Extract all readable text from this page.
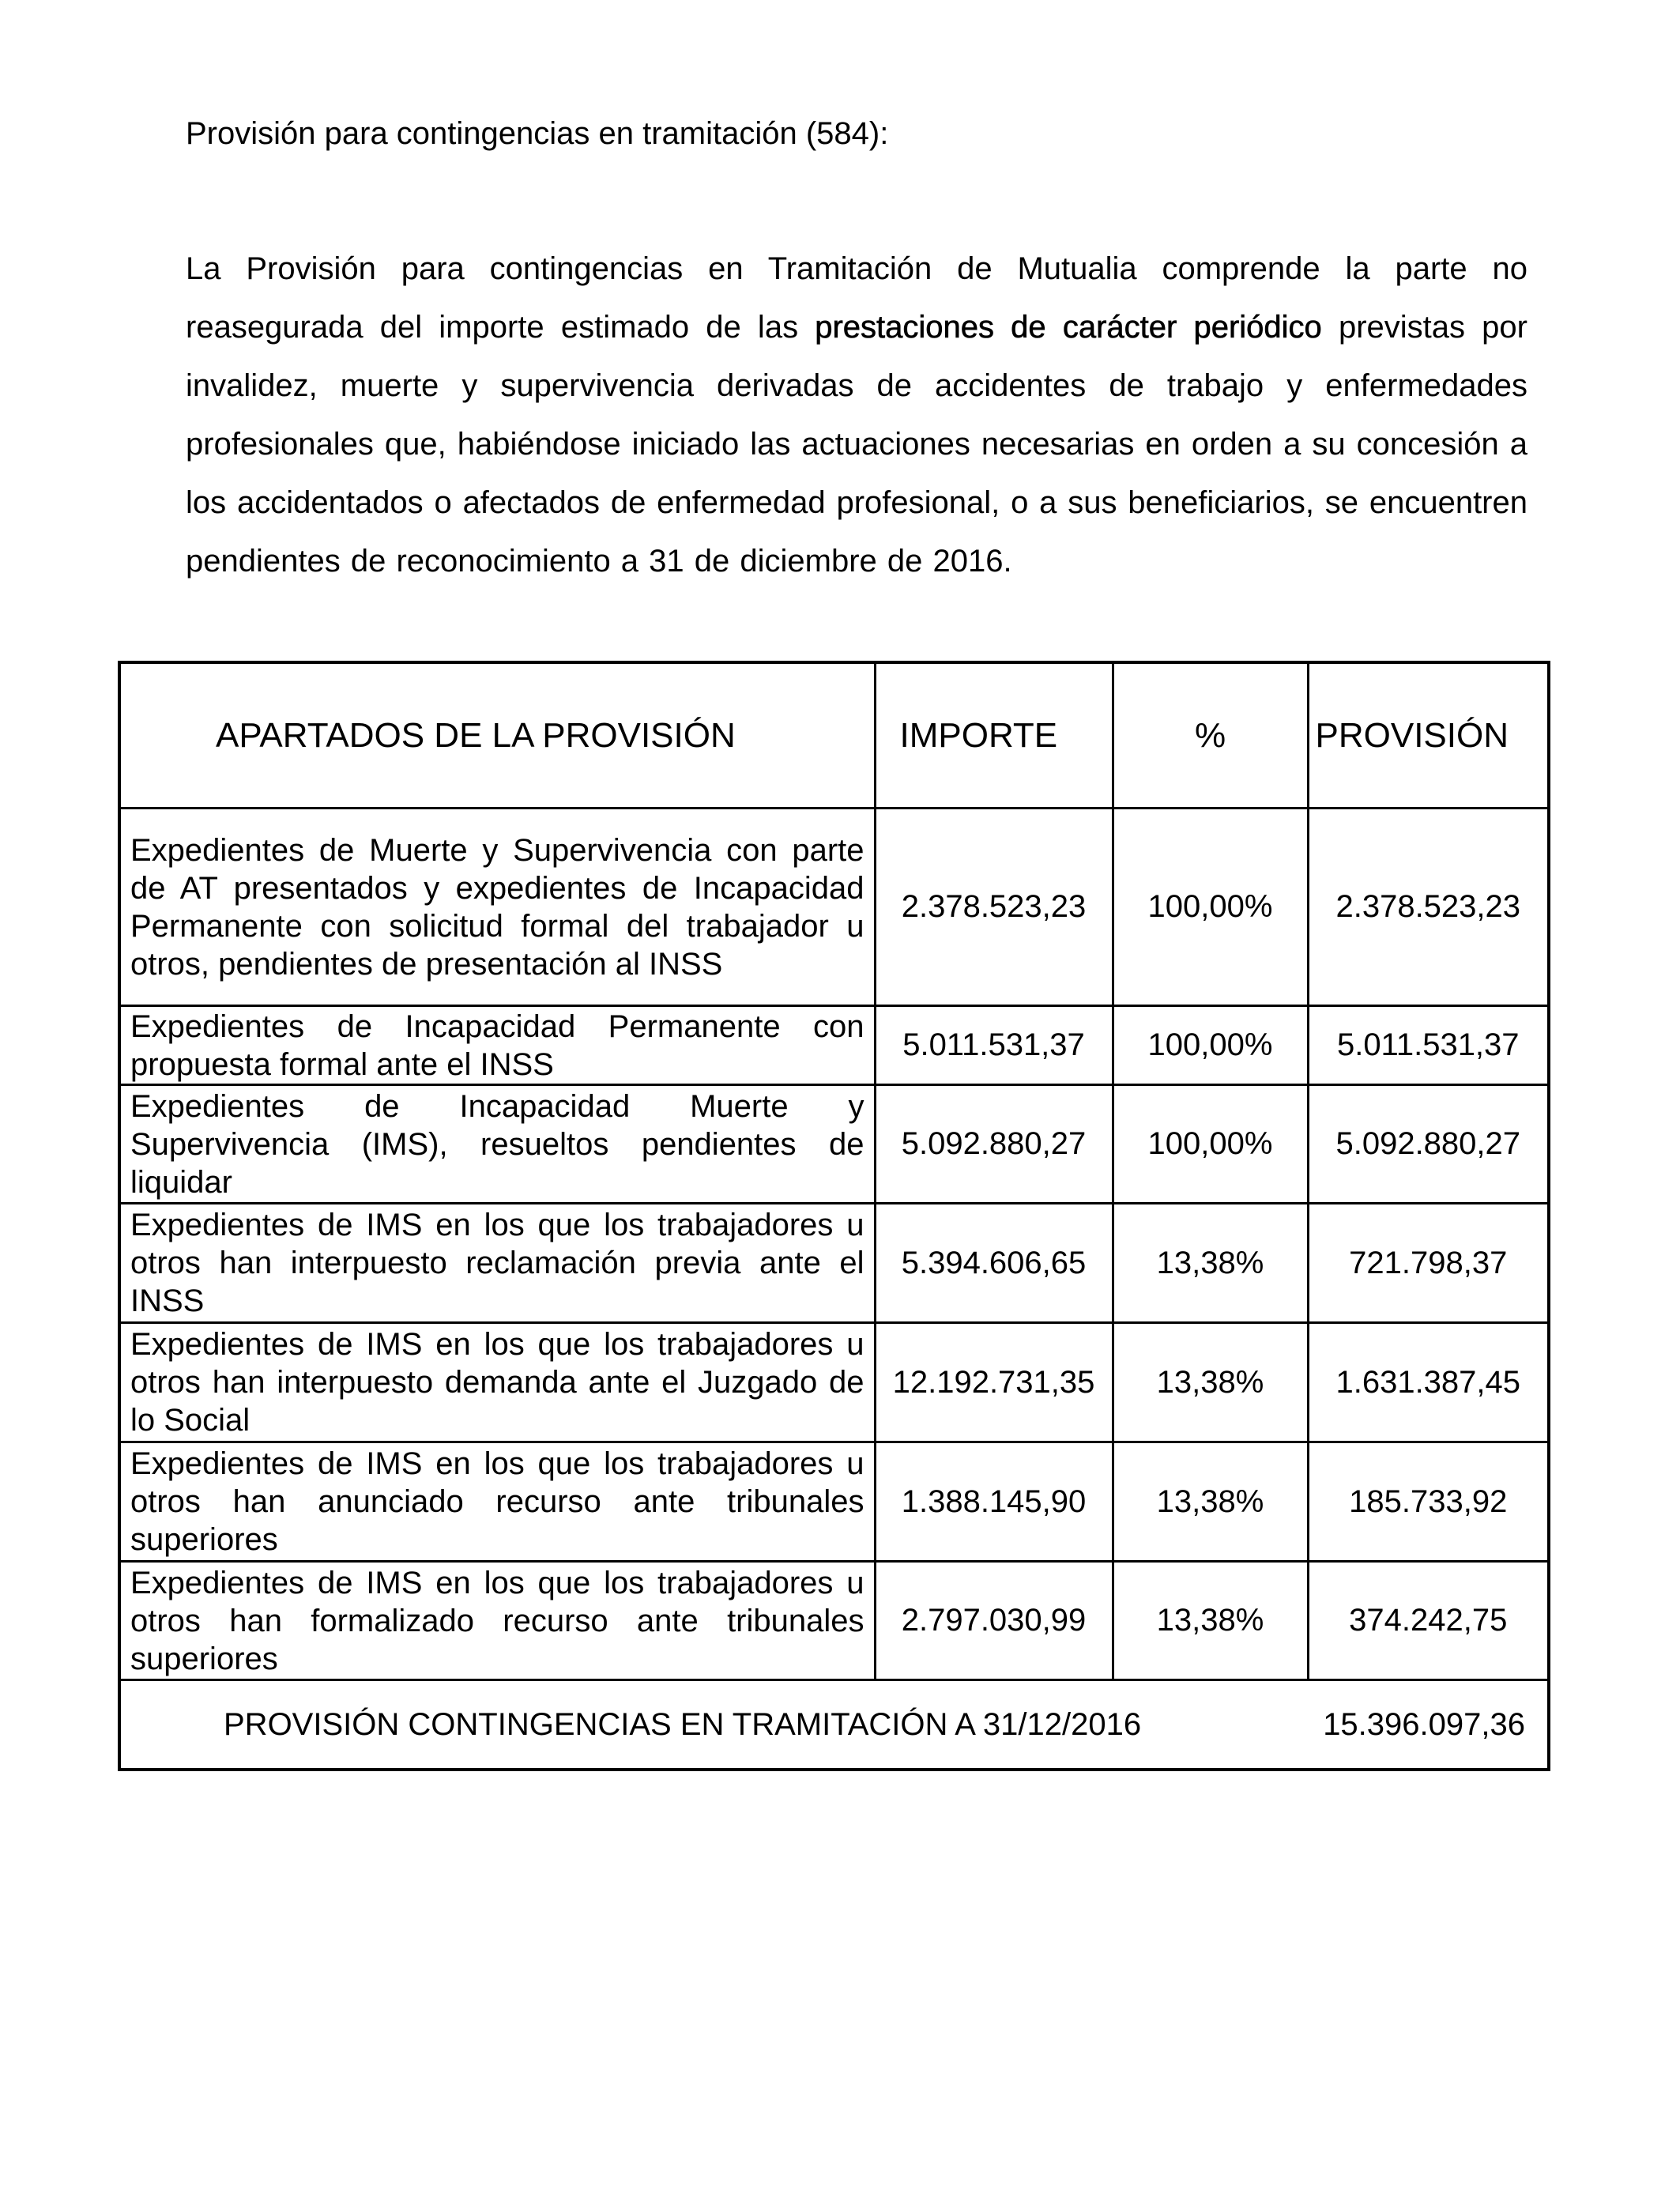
Provisión para contingencias en tramitación (584):

La Provisión para contingencias en Tramitación de Mutualia comprende la parte no reasegurada del importe estimado de las prestaciones de carácter periódico previstas por invalidez, muerte y supervivencia derivadas de accidentes de trabajo y enfermedades profesionales que, habiéndose iniciado las actuaciones necesarias en orden a su concesión a los accidentados o afectados de enfermedad profesional, o a sus beneficiarios, se encuentren pendientes de reconocimiento a 31 de diciembre de 2016.

APARTADOS DE LA PROVISIÓN	IMPORTE	%	PROVISIÓN
Expedientes de Muerte y Supervivencia con parte de AT presentados y expedientes de Incapacidad Permanente con solicitud formal del trabajador u otros, pendientes de presentación al INSS	2.378.523,23	100,00%	2.378.523,23
Expedientes de Incapacidad Permanente con propuesta formal ante el INSS	5.011.531,37	100,00%	5.011.531,37
Expedientes de Incapacidad Muerte y Supervivencia (IMS), resueltos pendientes de liquidar	5.092.880,27	100,00%	5.092.880,27
Expedientes de IMS en los que los trabajadores u otros han interpuesto reclamación previa ante el INSS	5.394.606,65	13,38%	721.798,37
Expedientes de IMS en los que los trabajadores u otros han interpuesto demanda ante el Juzgado de lo Social	12.192.731,35	13,38%	1.631.387,45
Expedientes de IMS en los que los trabajadores u otros han anunciado recurso ante tribunales superiores	1.388.145,90	13,38%	185.733,92
Expedientes de IMS en los que los trabajadores u otros han formalizado recurso ante tribunales superiores	2.797.030,99	13,38%	374.242,75
PROVISIÓN CONTINGENCIAS EN TRAMITACIÓN A 31/12/2016 15.396.097,36			
